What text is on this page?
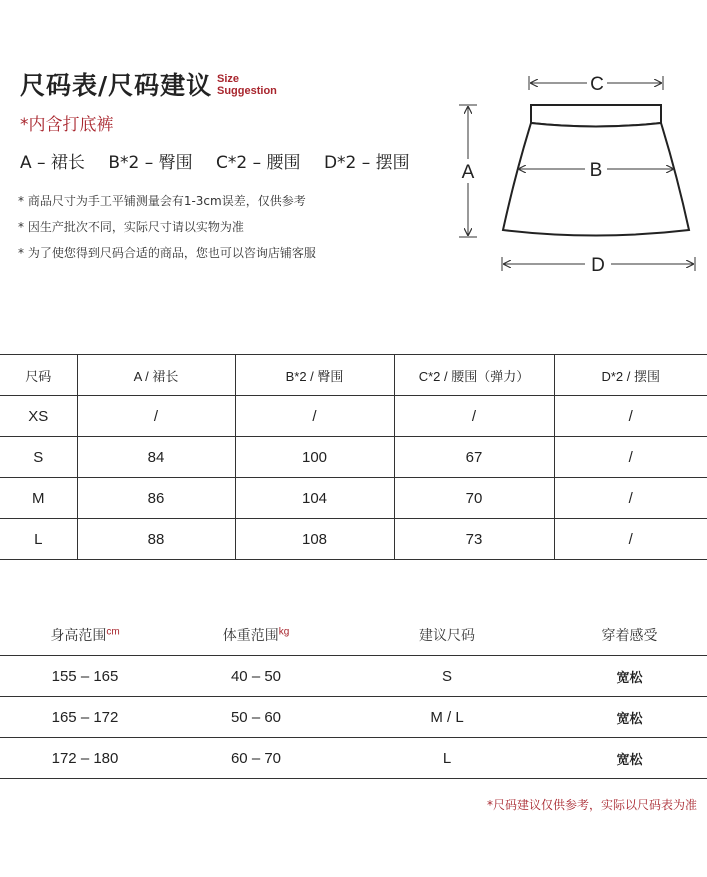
尺码表/尺码建议 Size
Suggestion
*内含打底裤
A – 裙长 B*2 – 臀围 C*2 – 腰围 D*2 – 摆围
* 商品尺寸为手工平铺测量会有1-3cm误差，仅供参考
* 因生产批次不同，实际尺寸请以实物为准
* 为了使您得到尺码合适的商品，您也可以咨询店铺客服
C
B
A
D
尺码	A / 裙长	B*2 / 臀围	C*2 / 腰围（弹力）	D*2 / 摆围
XS	/	/	/	/
S	84	100	67	/
M	86	104	70	/
L	88	108	73	/
身高范围$^{cm}$	体重范围$^{kg}$	建议尺码	穿着感受
155 – 165	40 – 50	S	宽松
165 – 172	50 – 60	M / L	宽松
172 – 180	60 – 70	L	宽松
*尺码建议仅供参考，实际以尺码表为准
